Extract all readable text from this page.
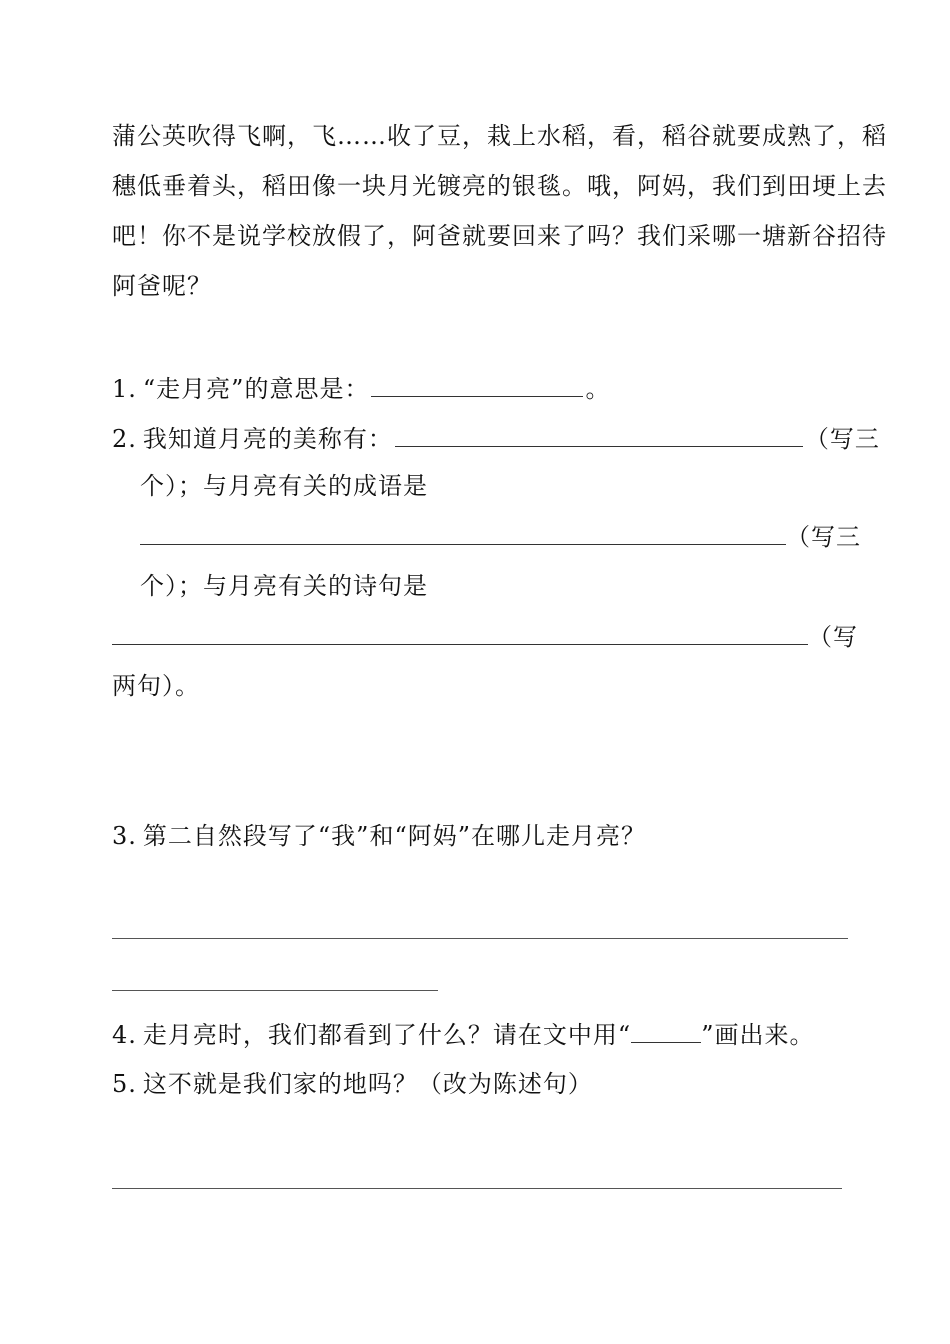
蒲公英吹得飞啊，飞……收了豆，栽上水稻，看，稻谷就要成熟了，稻
穗低垂着头，稻田像一块月光镀亮的银毯。哦，阿妈，我们到田埂上去
吧！你不是说学校放假了，阿爸就要回来了吗？我们采哪一塘新谷招待
阿爸呢？
1. “走月亮”的意思是：	。
2. 我知道月亮的美称有：	（写三
个）；与月亮有关的成语是
（写三
个）；与月亮有关的诗句是
（写
两句）。
3. 第二自然段写了“我”和“阿妈”在哪儿走月亮？
4. 走月亮时，我们都看到了什么？请在文中用“	”画出来。
5. 这不就是我们家的地吗？（改为陈述句）
